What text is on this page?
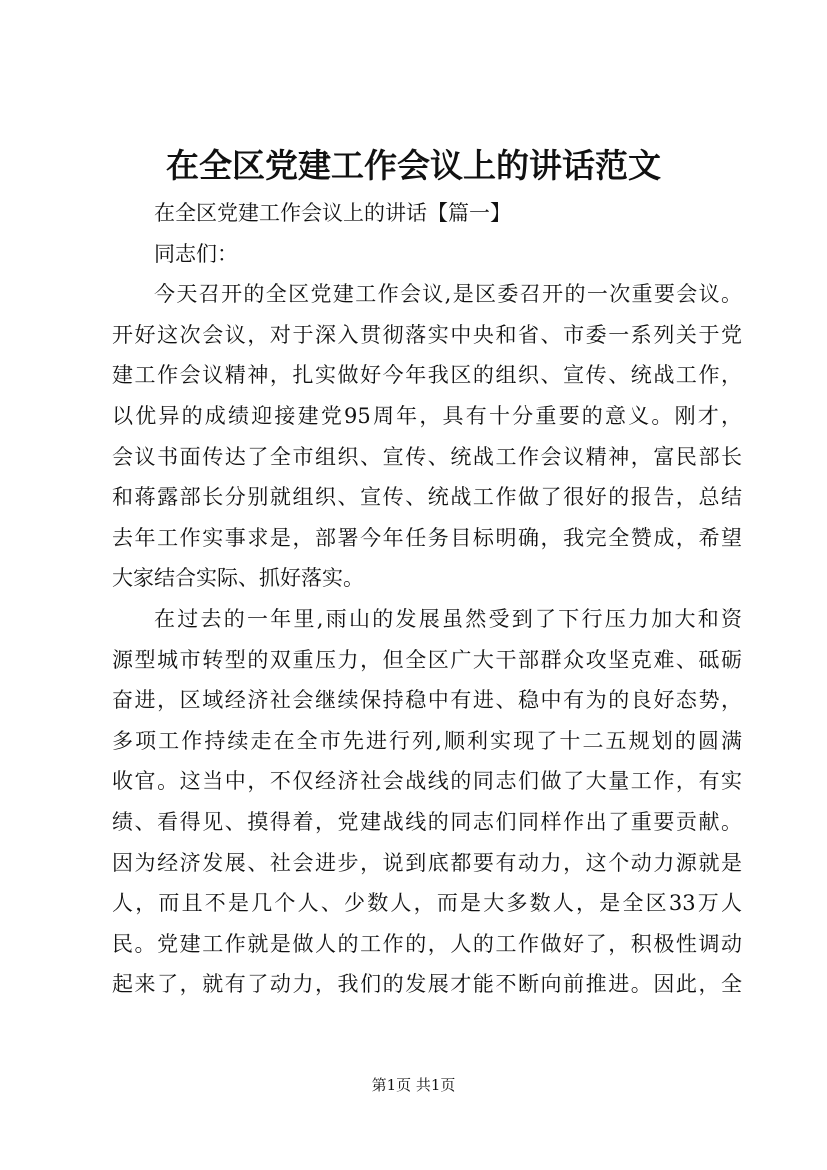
在全区党建工作会议上的讲话范文
在全区党建工作会议上的讲话【篇一】
同志们：
今天召开的全区党建工作会议,是区委召开的一次重要会议。
开好这次会议，对于深入贯彻落实中央和省、市委一系列关于党
建工作会议精神，扎实做好今年我区的组织、宣传、统战工作，
以优异的成绩迎接建党95周年，具有十分重要的意义。刚才，
会议书面传达了全市组织、宣传、统战工作会议精神，富民部长
和蒋露部长分别就组织、宣传、统战工作做了很好的报告，总结
去年工作实事求是，部署今年任务目标明确，我完全赞成，希望
大家结合实际、抓好落实。
在过去的一年里,雨山的发展虽然受到了下行压力加大和资
源型城市转型的双重压力，但全区广大干部群众攻坚克难、砥砺
奋进，区域经济社会继续保持稳中有进、稳中有为的良好态势，
多项工作持续走在全市先进行列,顺利实现了十二五规划的圆满
收官。这当中，不仅经济社会战线的同志们做了大量工作，有实
绩、看得见、摸得着，党建战线的同志们同样作出了重要贡献。
因为经济发展、社会进步，说到底都要有动力，这个动力源就是
人，而且不是几个人、少数人，而是大多数人，是全区33万人
民。党建工作就是做人的工作的，人的工作做好了，积极性调动
起来了，就有了动力，我们的发展才能不断向前推进。因此，全
第1页 共1页
